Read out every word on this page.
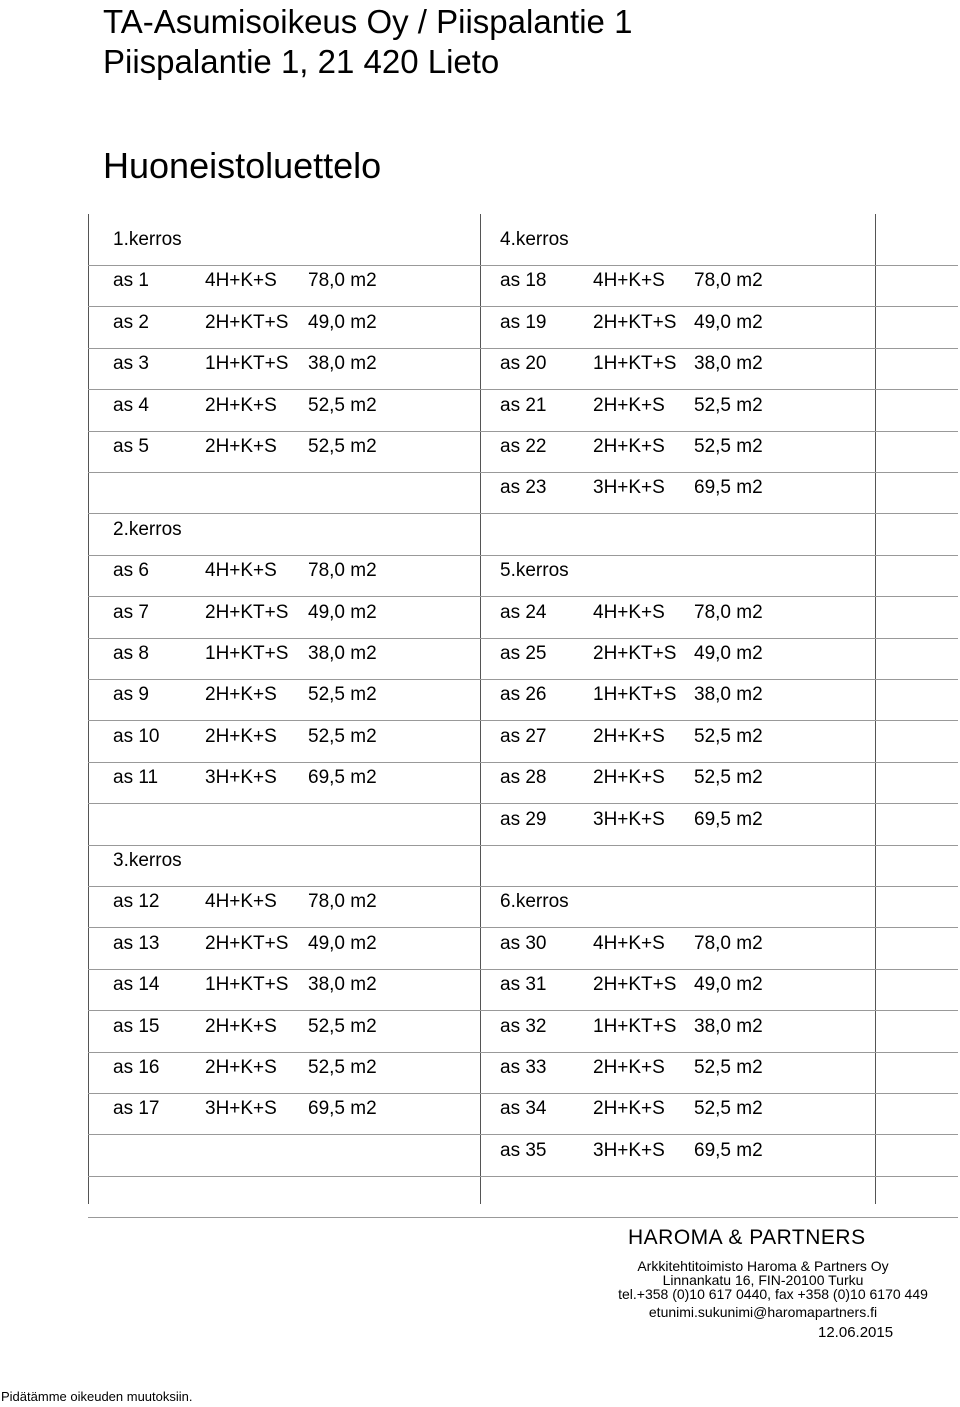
TA-Asumisoikeus Oy / Piispalantie 1
Piispalantie 1, 21 420 Lieto
Huoneistoluettelo
1.kerros
as 1	4H+K+S 78,0 m2
as 2	2H+KT+S 49,0 m2
as 3	1H+KT+S 38,0 m2
as 4	2H+K+S 52,5 m2
as 5	2H+K+S 52,5 m2
2.kerros
as 6	4H+K+S 78,0 m2
as 7	2H+KT+S 49,0 m2
as 8	1H+KT+S 38,0 m2
as 9	2H+K+S 52,5 m2
as 10 2H+K+S 52,5 m2
as 11 3H+K+S 69,5 m2
3.kerros
as 12 4H+K+S 78,0 m2
as 13 2H+KT+S 49,0 m2
as 14 1H+KT+S 38,0 m2
as 15 2H+K+S 52,5 m2
as 16 2H+K+S 52,5 m2
as 17 3H+K+S 69,5 m2
4.kerros
as 18 4H+K+S 78,0 m2
as 19 2H+KT+S 49,0 m2
as 20 1H+KT+S 38,0 m2
as 21 2H+K+S 52,5 m2
as 22 2H+K+S 52,5 m2
as 23 3H+K+S 69,5 m2
5.kerros
as 24 4H+K+S 78,0 m2
as 25 2H+KT+S 49,0 m2
as 26 1H+KT+S 38,0 m2
as 27 2H+K+S 52,5 m2
as 28 2H+K+S 52,5 m2
as 29 3H+K+S 69,5 m2
6.kerros
as 30 4H+K+S 78,0 m2
as 31 2H+KT+S 49,0 m2
as 32 1H+KT+S 38,0 m2
as 33 2H+K+S 52,5 m2
as 34 2H+K+S 52,5 m2
as 35 3H+K+S 69,5 m2
HAROMA & PARTNERS
Arkkitehtitoimisto Haroma & Partners Oy
Linnankatu 16, FIN-20100 Turku
tel.+358 (0)10 617 0440, fax +358 (0)10 6170 449
etunimi.sukunimi@haromapartners.fi
12.06.2015
Pidätämme oikeuden muutoksiin.
